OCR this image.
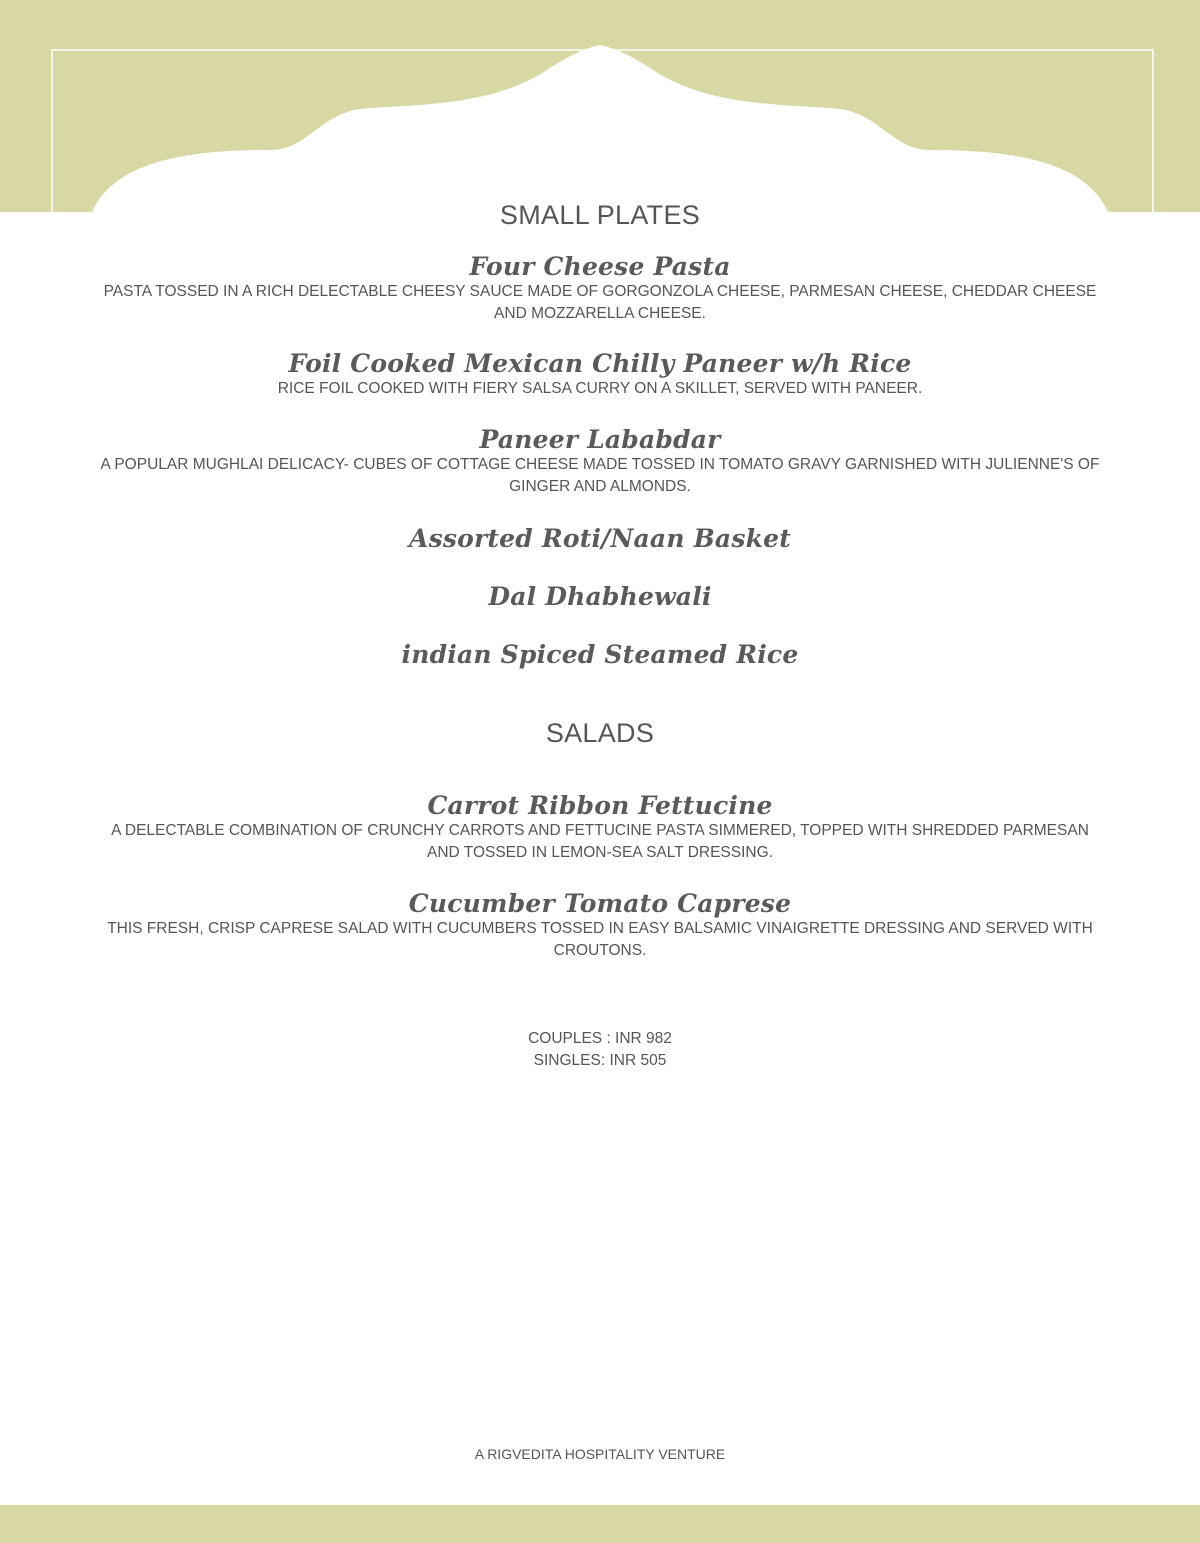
SMALL PLATES
Four Cheese Pasta
PASTA TOSSED IN A RICH DELECTABLE CHEESY SAUCE MADE OF GORGONZOLA CHEESE, PARMESAN CHEESE, CHEDDAR CHEESE AND MOZZARELLA CHEESE.
Foil Cooked Mexican Chilly Paneer w/h Rice
RICE FOIL COOKED WITH FIERY SALSA CURRY ON A SKILLET, SERVED WITH PANEER.
Paneer Lababdar
A POPULAR MUGHLAI DELICACY- CUBES OF COTTAGE CHEESE MADE TOSSED IN TOMATO GRAVY GARNISHED WITH JULIENNE'S OF GINGER AND ALMONDS.
Assorted Roti/Naan Basket
Dal Dhabhewali
indian Spiced Steamed Rice
SALADS
Carrot Ribbon Fettucine
A DELECTABLE COMBINATION OF CRUNCHY CARROTS AND FETTUCINE PASTA SIMMERED, TOPPED WITH SHREDDED PARMESAN AND TOSSED IN LEMON-SEA SALT DRESSING.
Cucumber Tomato Caprese
THIS FRESH, CRISP CAPRESE SALAD WITH CUCUMBERS TOSSED IN EASY BALSAMIC VINAIGRETTE DRESSING AND SERVED WITH CROUTONS.
COUPLES : INR 982
SINGLES: INR 505
A RIGVEDITA HOSPITALITY VENTURE
